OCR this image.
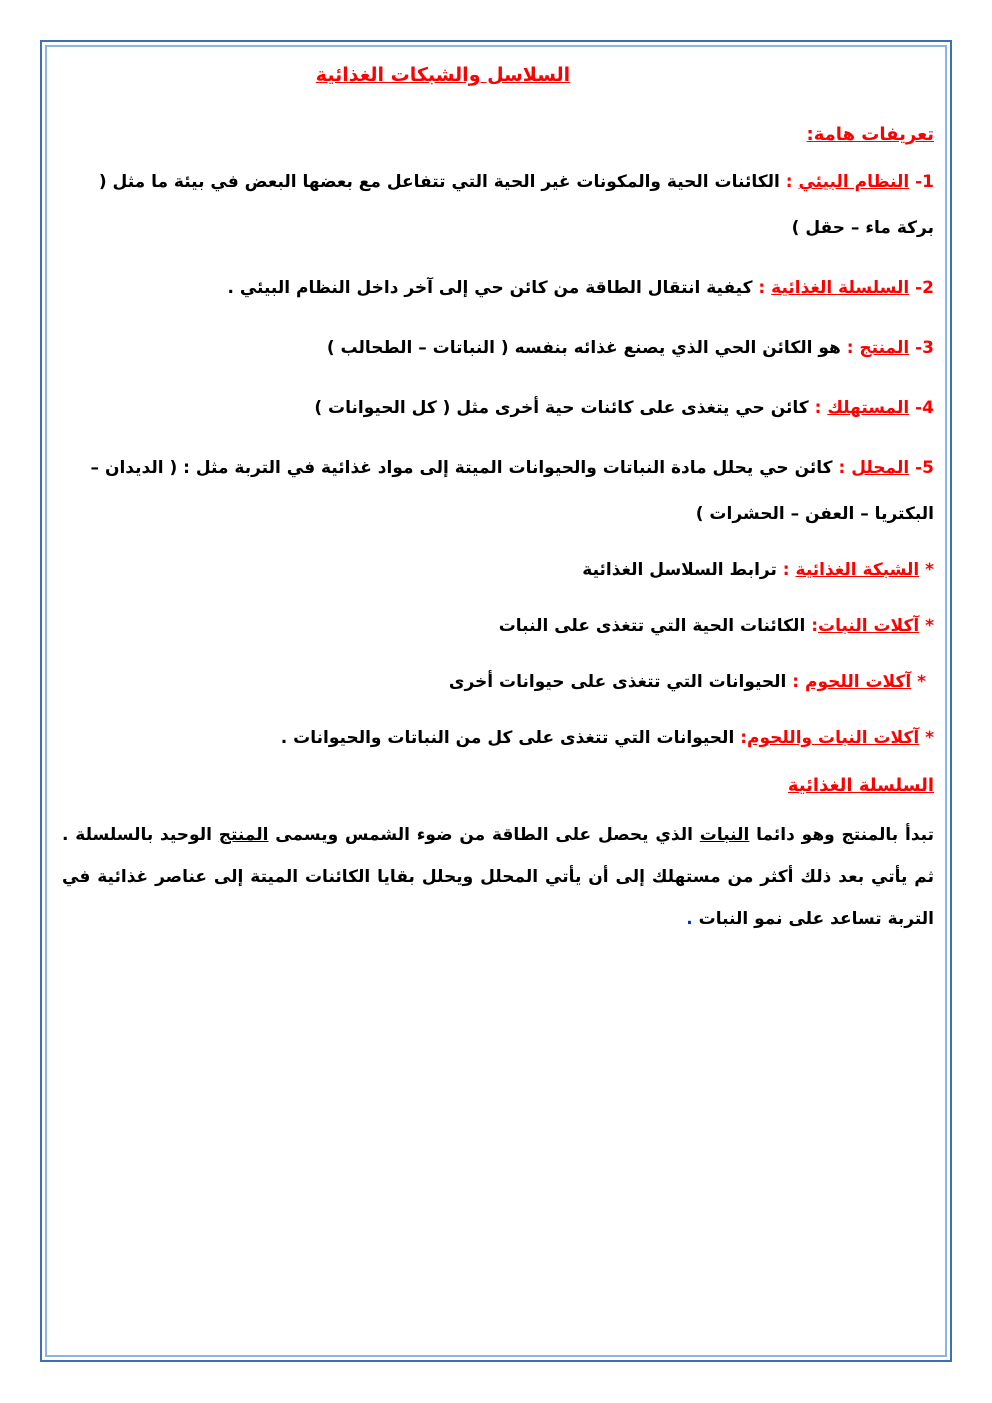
السلاسل والشبكات الغذائية
تعريفات هامة:
1- النظام البيئي : الكائنات الحية والمكونات غير الحية التي تتفاعل مع بعضها البعض في بيئة ما مثل ( بركة ماء – حقل )
2- السلسلة الغذائية : كيفية انتقال الطاقة من كائن حي إلى آخر داخل النظام البيئي .
3- المنتج : هو الكائن الحي الذي يصنع غذائه بنفسه ( النباتات – الطحالب )
4- المستهلك : كائن حي يتغذى على كائنات حية أخرى مثل ( كل الحيوانات )
5- المحلل : كائن حي يحلل مادة النباتات والحيوانات الميتة إلى مواد غذائية في التربة مثل : ( الديدان – البكتريا – العفن – الحشرات )
* الشبكة الغذائية : ترابط السلاسل الغذائية
* آكلات النبات: الكائنات الحية التي تتغذى على النبات
* آكلات اللحوم : الحيوانات التي تتغذى على حيوانات أخرى
* آكلات النبات واللحوم: الحيوانات التي تتغذى على كل من النباتات والحيوانات .
السلسلة الغذائية
تبدأ بالمنتج وهو دائما النبات الذي يحصل على الطاقة من ضوء الشمس ويسمى المنتج الوحيد بالسلسلة . ثم يأتي بعد ذلك أكثر من مستهلك إلى أن يأتي المحلل ويحلل بقايا الكائنات الميتة إلى عناصر غذائية في التربة تساعد على نمو النبات .
